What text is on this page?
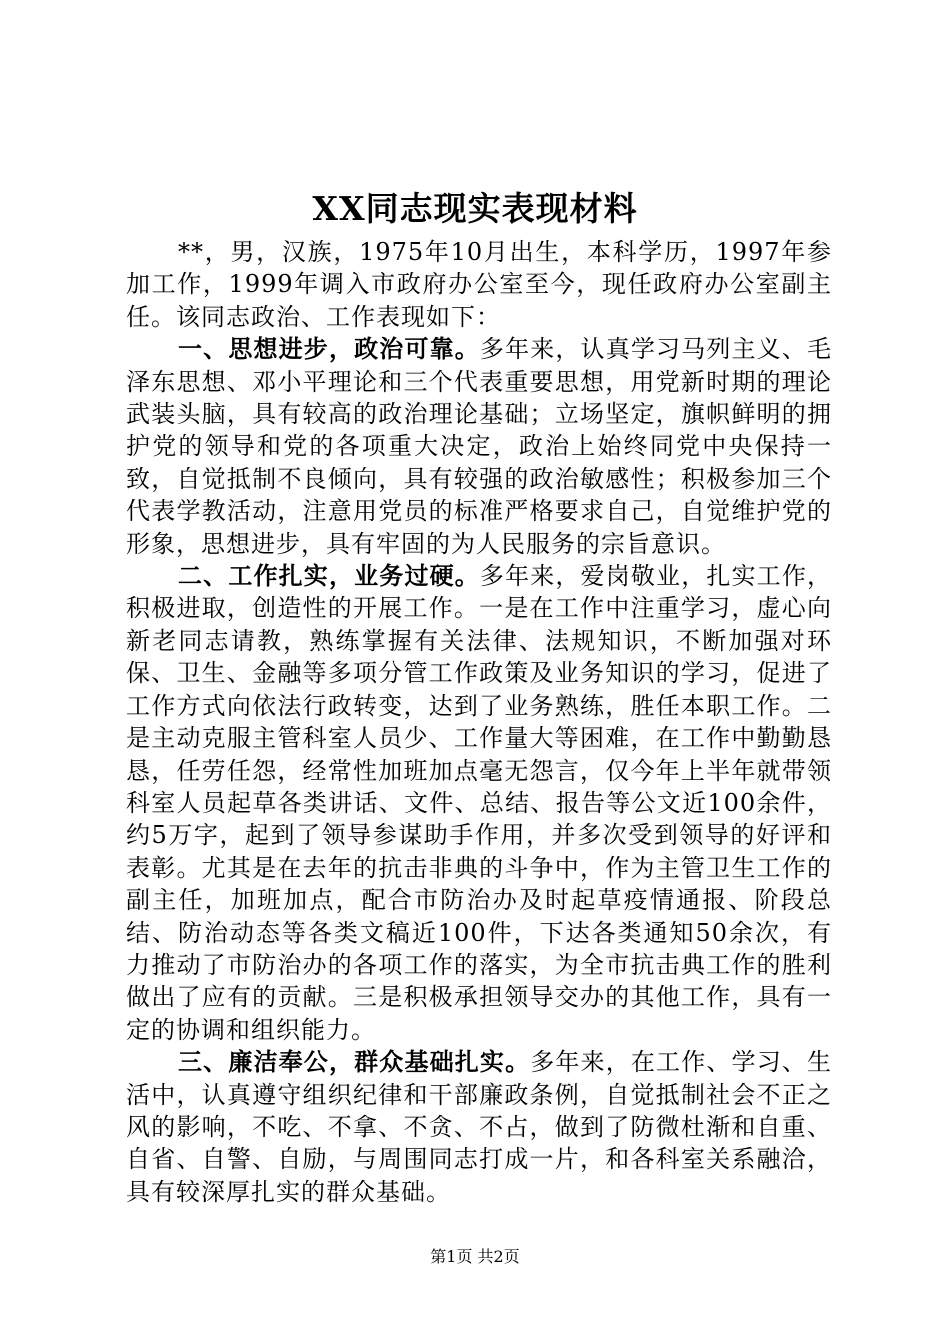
XX同志现实表现材料

**，男，汉族，1975年10月出生，本科学历，1997年参加工作，1999年调入市政府办公室至今，现任政府办公室副主任。该同志政治、工作表现如下：

一、思想进步，政治可靠。多年来，认真学习马列主义、毛泽东思想、邓小平理论和三个代表重要思想，用党新时期的理论武装头脑，具有较高的政治理论基础；立场坚定，旗帜鲜明的拥护党的领导和党的各项重大决定，政治上始终同党中央保持一致，自觉抵制不良倾向，具有较强的政治敏感性；积极参加三个代表学教活动，注意用党员的标准严格要求自己，自觉维护党的形象，思想进步，具有牢固的为人民服务的宗旨意识。

二、工作扎实，业务过硬。多年来，爱岗敬业，扎实工作，积极进取，创造性的开展工作。一是在工作中注重学习，虚心向新老同志请教，熟练掌握有关法律、法规知识，不断加强对环保、卫生、金融等多项分管工作政策及业务知识的学习，促进了工作方式向依法行政转变，达到了业务熟练，胜任本职工作。二是主动克服主管科室人员少、工作量大等困难，在工作中勤勤恳恳，任劳任怨，经常性加班加点毫无怨言，仅今年上半年就带领科室人员起草各类讲话、文件、总结、报告等公文近100余件，约5万字，起到了领导参谋助手作用，并多次受到领导的好评和表彰。尤其是在去年的抗击非典的斗争中，作为主管卫生工作的副主任，加班加点，配合市防治办及时起草疫情通报、阶段总结、防治动态等各类文稿近100件，下达各类通知50余次，有力推动了市防治办的各项工作的落实，为全市抗击典工作的胜利做出了应有的贡献。三是积极承担领导交办的其他工作，具有一定的协调和组织能力。

三、廉洁奉公，群众基础扎实。多年来，在工作、学习、生活中，认真遵守组织纪律和干部廉政条例，自觉抵制社会不正之风的影响，不吃、不拿、不贪、不占，做到了防微杜渐和自重、自省、自警、自励，与周围同志打成一片，和各科室关系融洽，具有较深厚扎实的群众基础。

第1页 共2页
